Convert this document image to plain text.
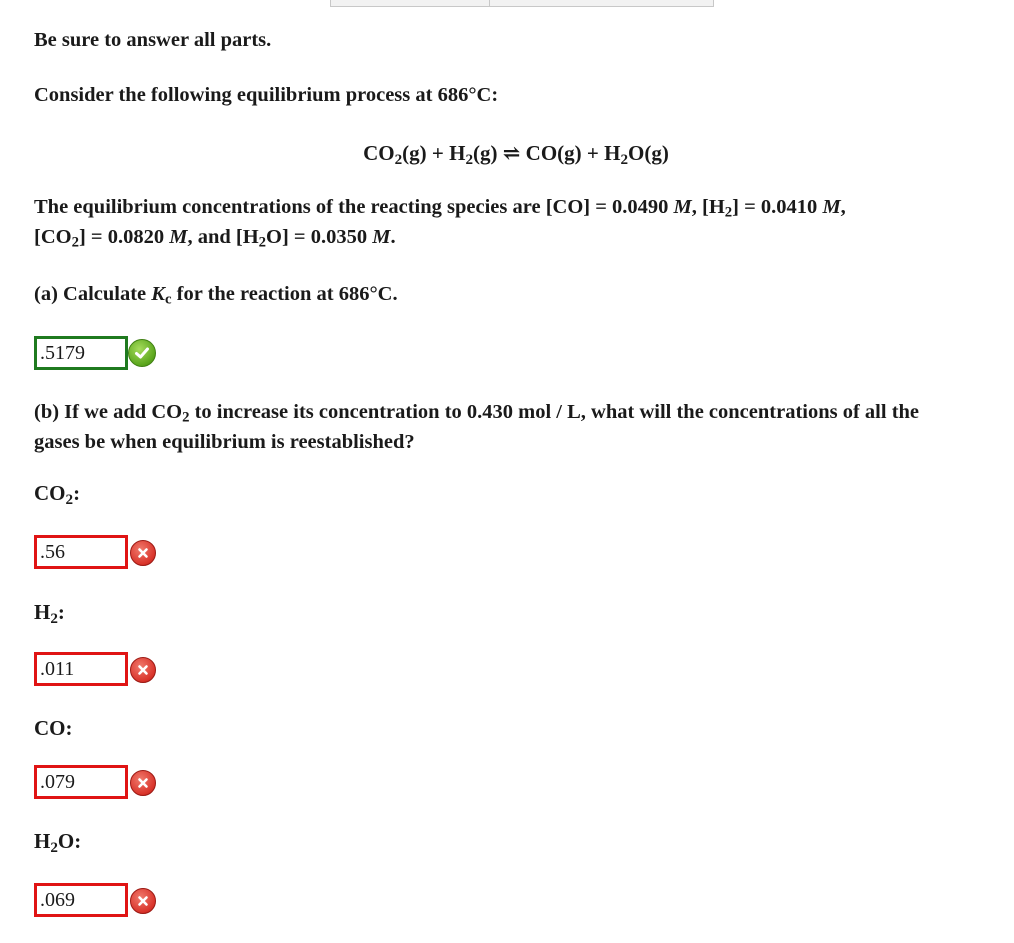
Be sure to answer all parts.
Consider the following equilibrium process at 686°C:
$CO_2(g) + H_2(g)$ ⇌ $CO(g) + H_2O(g)$
The equilibrium concentrations of the reacting species are [CO] = 0.0490 M, $[H_2] = 0.0410$ M,
$[CO_2] = 0.0820$ M, and $[H_2O] = 0.0350$ M.
(a) Calculate $K_c$ for the reaction at 686°C.
.5179
(b) If we add $CO_2$ to increase its concentration to 0.430 mol / L, what will the concentrations of all the
gases be when equilibrium is reestablished?
$CO_2$:
.56
$H_2$:
.011
CO:
.079
$H_2O$:
.069
